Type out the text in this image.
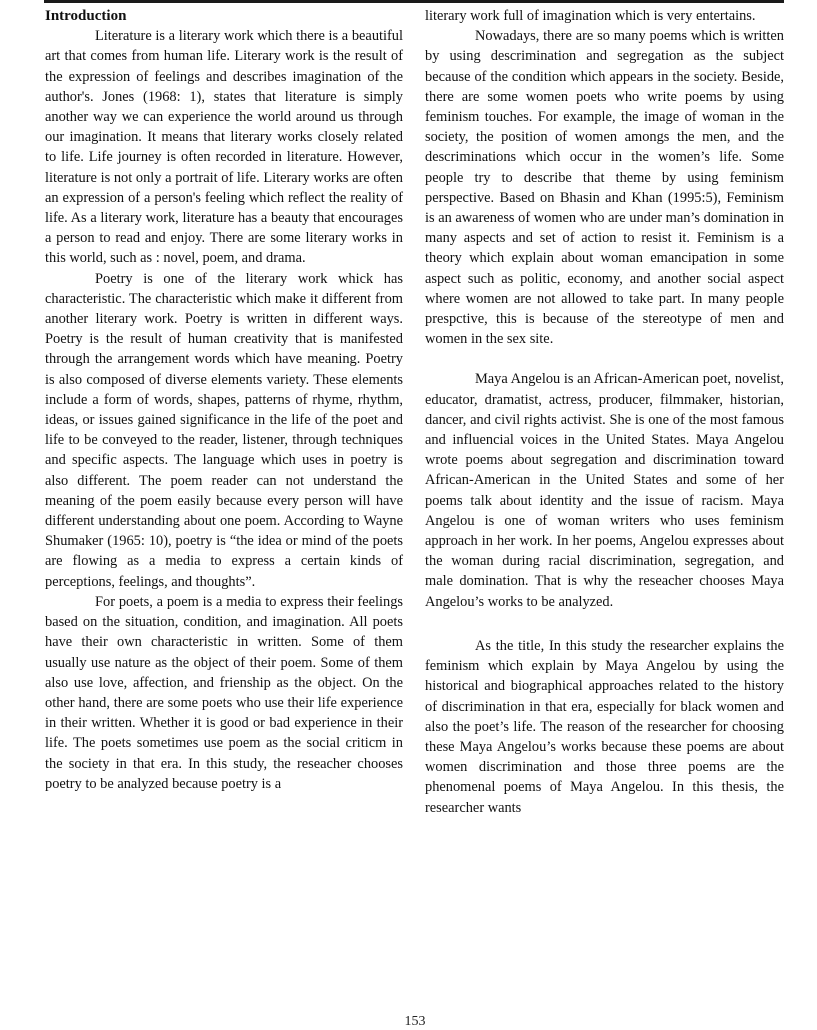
Introduction

Literature is a literary work which there is a beautiful art that comes from human life. Literary work is the result of the expression of feelings and describes imagination of the author's. Jones (1968: 1), states that literature is simply another way we can experience the world around us through our imagination. It means that literary works closely related to life. Life journey is often recorded in literature. However, literature is not only a portrait of life. Literary works are often an expression of a person's feeling which reflect the reality of life. As a literary work, literature has a beauty that encourages a person to read and enjoy. There are some literary works in this world, such as : novel, poem, and drama.

Poetry is one of the literary work whick has characteristic. The characteristic which make it different from another literary work. Poetry is written in different ways. Poetry is the result of human creativity that is manifested through the arrangement words which have meaning. Poetry is also composed of diverse elements variety. These elements include a form of words, shapes, patterns of rhyme, rhythm, ideas, or issues gained significance in the life of the poet and life to be conveyed to the reader, listener, through techniques and specific aspects. The language which uses in poetry is also different. The poem reader can not understand the meaning of the poem easily because every person will have different understanding about one poem. According to Wayne Shumaker (1965: 10), poetry is “the idea or mind of the poets are flowing as a media to express a certain kinds of perceptions, feelings, and thoughts”.

For poets, a poem is a media to express their feelings based on the situation, condition, and imagination. All poets have their own characteristic in written. Some of them usually use nature as the object of their poem. Some of them also use love, affection, and frienship as the object. On the other hand, there are some poets who use their life experience in their written. Whether it is good or bad experience in their life. The poets sometimes use poem as the social criticm in the society in that era. In this study, the reseacher chooses poetry to be analyzed because poetry is a

literary work full of imagination which is very entertains.

Nowadays, there are so many poems which is written by using descrimination and segregation as the subject because of the condition which appears in the society. Beside, there are some women poets who write poems by using feminism touches. For example, the image of woman in the society, the position of women amongs the men, and the descriminations which occur in the women’s life. Some people try to describe that theme by using feminism perspective. Based on Bhasin and Khan (1995:5), Feminism is an awareness of women who are under man’s domination in many aspects and set of action to resist it. Feminism is a theory which explain about woman emancipation in some aspect such as politic, economy, and another social aspect where women are not allowed to take part. In many people prespctive, this is because of the stereotype of men and women in the sex site.

Maya Angelou is an African-American poet, novelist, educator, dramatist, actress, producer, filmmaker, historian, dancer, and civil rights activist. She is one of the most famous and influencial voices in the United States. Maya Angelou wrote poems about segregation and discrimination toward African-American in the United States and some of her poems talk about identity and the issue of racism. Maya Angelou is one of woman writers who uses feminism approach in her work. In her poems, Angelou expresses about the woman during racial discrimination, segregation, and male domination. That is why the reseacher chooses Maya Angelou’s works to be analyzed.

As the title, In this study the researcher explains the feminism which explain by Maya Angelou by using the historical and biographical approaches related to the history of discrimination in that era, especially for black women and also the poet’s life. The reason of the researcher for choosing these Maya Angelou’s works because these poems are about women discrimination and those three poems are the phenomenal poems of Maya Angelou. In this thesis, the researcher wants

153
